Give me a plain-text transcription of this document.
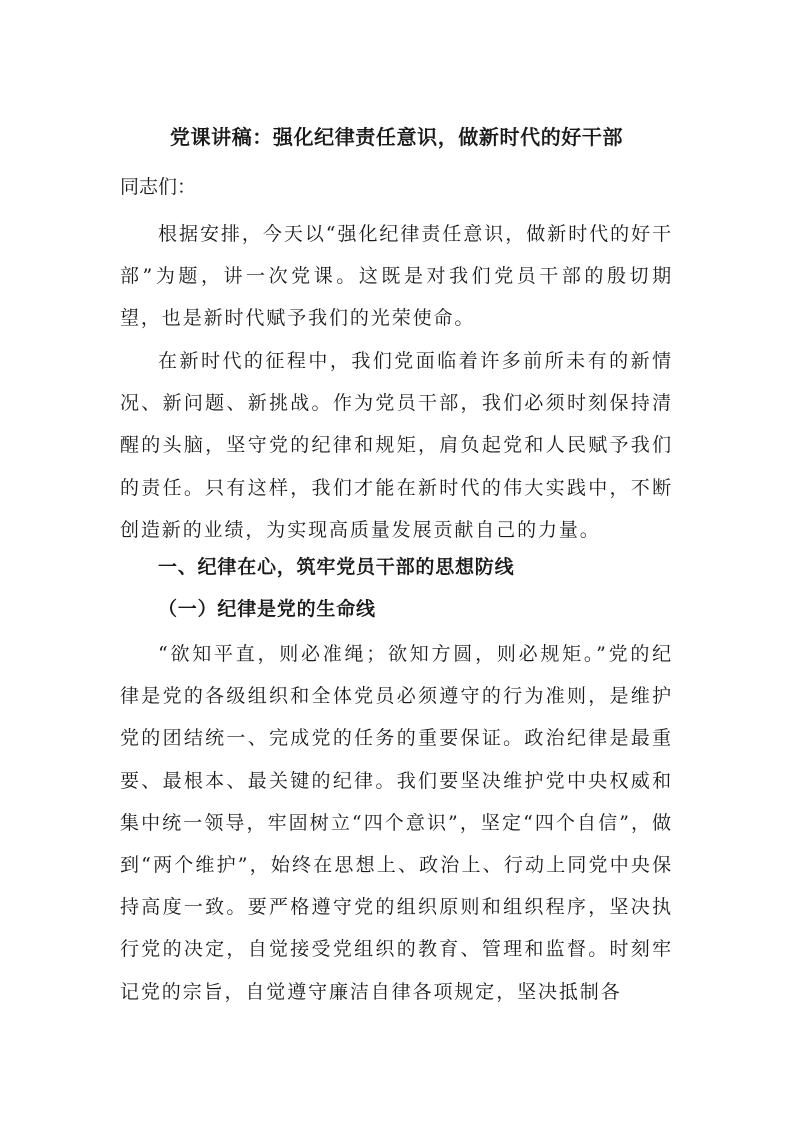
党课讲稿：强化纪律责任意识，做新时代的好干部
同志们：
根据安排，今天以“强化纪律责任意识，做新时代的好干部”为题，讲一次党课。这既是对我们党员干部的殷切期望，也是新时代赋予我们的光荣使命。
在新时代的征程中，我们党面临着许多前所未有的新情况、新问题、新挑战。作为党员干部，我们必须时刻保持清醒的头脑，坚守党的纪律和规矩，肩负起党和人民赋予我们的责任。只有这样，我们才能在新时代的伟大实践中，不断创造新的业绩，为实现高质量发展贡献自己的力量。
一、纪律在心，筑牢党员干部的思想防线
（一）纪律是党的生命线
“欲知平直，则必准绳；欲知方圆，则必规矩。”党的纪律是党的各级组织和全体党员必须遵守的行为准则，是维护党的团结统一、完成党的任务的重要保证。政治纪律是最重要、最根本、最关键的纪律。我们要坚决维护党中央权威和集中统一领导，牢固树立“四个意识”，坚定“四个自信”，做到“两个维护”，始终在思想上、政治上、行动上同党中央保持高度一致。要严格遵守党的组织原则和组织程序，坚决执行党的决定，自觉接受党组织的教育、管理和监督。时刻牢记党的宗旨，自觉遵守廉洁自律各项规定，坚决抵制各
